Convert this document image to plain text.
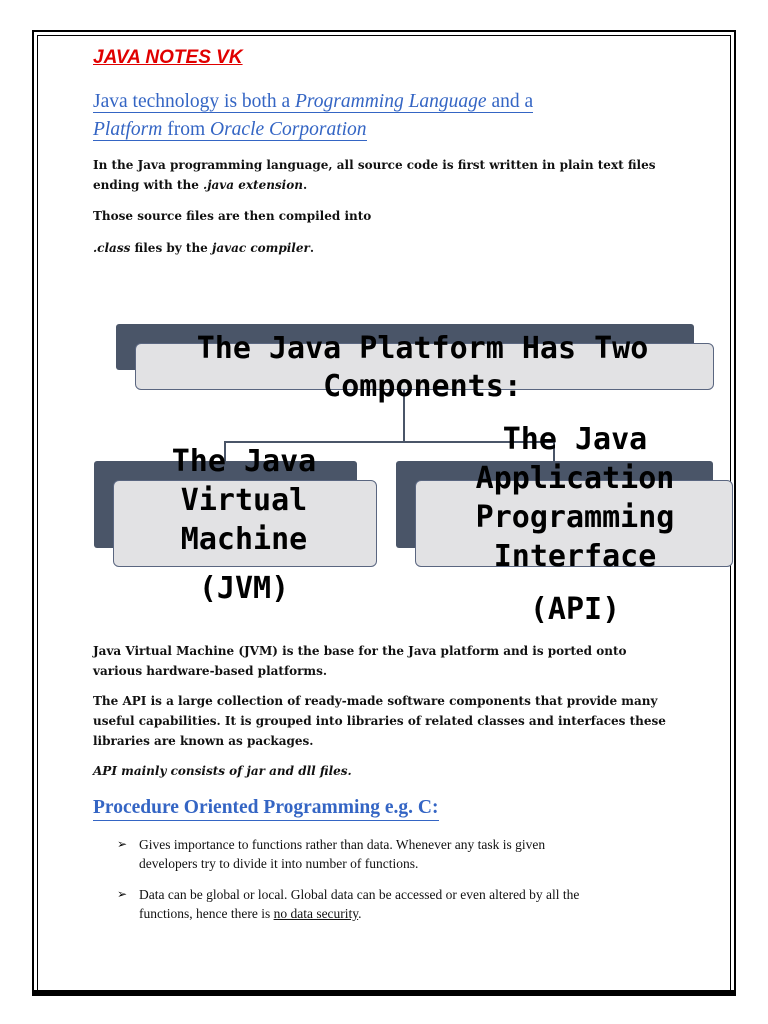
JAVA NOTES VK

Java technology is both a Programming Language and a
Platform from Oracle Corporation

In the Java programming language, all source code is first written in plain text files
ending with the .java extension.

Those source files are then compiled into

.class files by the javac compiler.

The Java Platform Has Two
Components:

The Java
Virtual
Machine

(JVM)

The Java
Application
Programming
Interface

(API)

Java Virtual Machine (JVM) is the base for the Java platform and is ported onto
various hardware-based platforms.

The API is a large collection of ready-made software components that provide many
useful capabilities. It is grouped into libraries of related classes and interfaces these
libraries are known as packages.

API mainly consists of jar and dll files.

Procedure Oriented Programming e.g. C:
➢ Gives importance to functions rather than data. Whenever any task is given
developers try to divide it into number of functions.
➢ Data can be global or local. Global data can be accessed or even altered by all the
functions, hence there is no data security.
